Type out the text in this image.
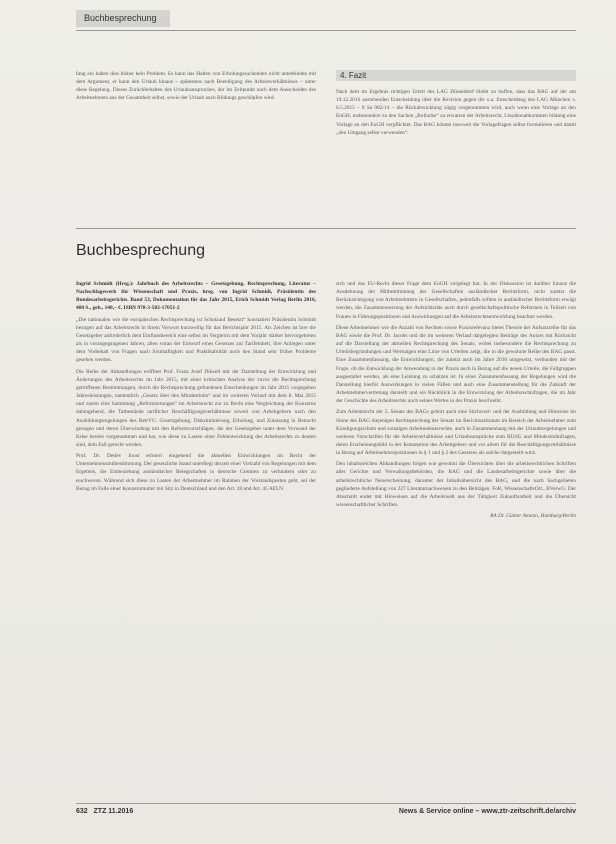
Buchbesprechung

fang ein haben dies bisher kein Problem. Es kann das Halten von Erholungssuchenden nicht unterbinden mit dem Argument, er kann den Urlaub hinaus – spätestens nach Beendigung des Arbeitsverhältnisses – unter diese Regelung. Dieses Zurückbehalten des Urlaubsanspruches, der im Zeitpunkt nach dem Ausscheiden des Arbeitnehmers aus der Gesamtheit selbst, sowie der Urlaub auch Bildungs geschöpfen wird.

4. Fazit

Nach dem im Ergebnis richtigen Urteil des LAG Düsseldorf bleibt zu hoffen, dass das BAG auf der am 19.12.2016 anstehenden Entscheidung über die Revision gegen die o.a. Entscheidung des LAG München v. 6.5.2015 – 8 Sa 982/14 – die Rückabwicklung zügig vorgenommen wird, auch wenn eine Vorlage an den EuGH, insbesondere zu den Sachen „Bollacke“ zu erwarten der Arbeitsrecht, Lissabonabkommen bildung eine Vorlage an den EuGH verpflichtet. Das BAG könnte insoweit die Vorlagefragen selbst formulieren und damit „den Umgang selbst verwenden“.

Buchbesprechung

Ingrid Schmidt (Hrsg.): Jahrbuch des Arbeitsrechts – Gesetzgebung, Rechtsprechung, Literatur – Nachschlagewerk für Wissenschaft und Praxis, hrsg. von Ingrid Schmidt, Präsidentin des Bundesarbeitsgerichts. Band 53, Dokumentation für das Jahr 2015, Erich Schmidt Verlag Berlin 2016, 400 S., geb., 148,– €. ISBN 978-3-503-17051-2

„Die nationalen wie die europäischen Rechtsprechung ist Schutzauf Besetzt“ konstatiert Präsidentin Schmidt bezogen auf das Arbeitsrecht in ihrem Vorwort kurzweilig für das Berichtsjahr 2015. Als Zeichen ist hier die Gesetzgeber anforderlich dem Einflussbereich eine selbst im Vergleich mit dem Vorjahr stärker hervorgetreten als in vorangegangenen Jahren, allen voran der Entwurf eines Gesetzes zur Tarifeinheit, ihre Anliegen unter dem Vorbehalt von Fragen nach Sinnhaftigkeit und Praktikabilität noch den Stand sehr früher Probleme gesehen werden.

Die Reihe der Abhandlungen eröffnet Prof. Franz Josef Düwell mit der Darstellung der Entwicklung und Änderungen des Arbeitsrechts im Jahr 2015, mit einer kritischen Analyse der zuvor die Rechtsprechung getroffenen Bestimmungen, durch die Rechtsprechung gefundenen Entscheidungen im Jahr 2015 vorgegeben Jahresleistungen, namentlich „Gesetz über den Mindestlohn“ und im weiteren Verlauf mit dem 8. Mai 2015 und zuerst eine Sammlung „Reformierungen“ im Arbeitsrecht zur zu Recht eine Vergleichung der Konzerne dahingehend, die Tatbestände tariflicher Beschäftigungsverhältnisse soweit von Arbeitgebern nach den Ausbildungsregelungen des BetrVG. Gesetzgebung, Diskriminierung, Erholung, und Zulassung in Betracht gezogen und deren Überwindung mit den Reformvorschlägen, die der Gesetzgeber unter dem Vorwand der Krise bereits vorgenommen und hat, wie diese zu Lasten einer Fehlentwicklung des Arbeitsrechts zu deuten sind, dem Fall gerecht werden.

Prof. Dr. Detlev Joost erörtert eingehend die aktuellen Entwicklungen im Recht der Unternehmensmitbestimmung. Der gesetzliche Stand unterliegt derzeit einer Vielzahl von Regelungen mit dem Ergebnis, die Einbeziehung ausländischer Belegschaften in deutsche Gremien zu verhindern oder zu erschweren. Während sich diese zu Lasten der Arbeitnehmer im Rahmen der Vorstandsposten geht, sei der Bezug im Falle einer Konzernmutter mit Sitz in Deutschland und den Art. 18 und Art. 45 AEUV.

sich und das EU-Recht dieser Frage dem EuGH vorgelegt hat. In der Diskussion ist darüber hinaus die Ausdehnung der Mitbestimmung der Gesellschaften ausländischer Rechtsform, nicht zuletzt die Berücksichtigung von Arbeitnehmern in Gesellschaften, jedenfalls sollten in ausländischer Rechtsform erwägt werden, die Zusammensetzung der Aufsichtsräte auch durch gesellschaftspolitische Reformen in Teilzeit von Frauen in Führungspositionen und Auswirkungen auf die Arbeitsrechtsentwicklung beachtet werden.

Diese Arbeitnehmer wie die Anzahl von Rechten sowie Praxisrelevanz bietet Theorie der Aufsatzreihe für das BAG sowie die Prof. Dr. Jacobs und die im weiteren Verlauf dargelegten Beiträge des Autors mit Rücksicht auf die Darstellung der aktuellen Rechtsprechung des Senats, wobei insbesondere die Rechtsprechung zu Urteilsbegründungen und Wertungen eine Linie von Urteilen zeigt, die in die gewohnte Reihe des BAG passt. Eine Zusammenfassung, die Entwicklungen, die zuletzt auch im Jahre 2016 umgesetzt, verbunden mit der Frage, ob die Entwicklung der Anwendung in der Praxis auch in Bezug auf die neuen Urteile, die Fallgruppen ausgestaltet werden, als eine Leistung zu schätzen ist. In einer Zusammenfassung der Regelungen wird die Darstellung hierfür Auswirkungen in vielen Fällen und auch eine Zusammenstellung für die Zukunft der Arbeitnehmervertretung darstellt und ein Rückblick in die Entwicklung der Arbeitsrechtsfragen, die im Jahr der Geschichte des Arbeitsrechts auch seines Wertes in der Praxis beschreibt.

Zum Arbeitsrecht der 5. Senats des BAGs gehört auch eine Stichwort- und der Ausbildung und Hinweise im Sinne des BAG diejenigen Rechtsprechung der Senats im Berichtszeitraum im Bereich der Arbeitnehmer zum Kündigungsschutz und sonstigen Arbeitnehmerrechte, auch in Zusammenhang mit der Urlaubsregelungen und weiteren Vorschriften für die Arbeitsverhältnisse und Urlaubsansprüche zum BUrlG und Mindestlohnfragen, deren Erscheinungsbild in der Konzeption des Arbeitgebers und vor allem für die Beschäftigungsverhältnisse in Bezug auf Arbeitnehmerpositionen in § 1 und § 2 des Gesetzes als solche dargestellt wird.

Den inhaltsreichen Abhandlungen folgen wie gewohnt die Übersichten über die arbeitsrechtlichen Schriften aller Gerichte und Verwaltungsbehörden, die BAG und die Landesarbeitsgerichte sowie über die arbeitsrechtliche Neuerscheinung, darunter der Inhaltsübersicht des BAG, und die nach Sachgebieten gegliederte Aufstellung von 227 Literaturnachweisen zu den Beiträgen. FoR, WissenschaftsOrt., BVerwG. Der Abschnitt endet mit Hinweisen auf die Arbeitswelt aus der Tätigkeit Zukunftsarbeit und die Übersicht wissenschaftlicher Schriften.

RA Dr. Günter Amann, Hamburg/Berlin

632 ZTZ 11.2016	News & Service online – www.ztr-zeitschrift.de/archiv
